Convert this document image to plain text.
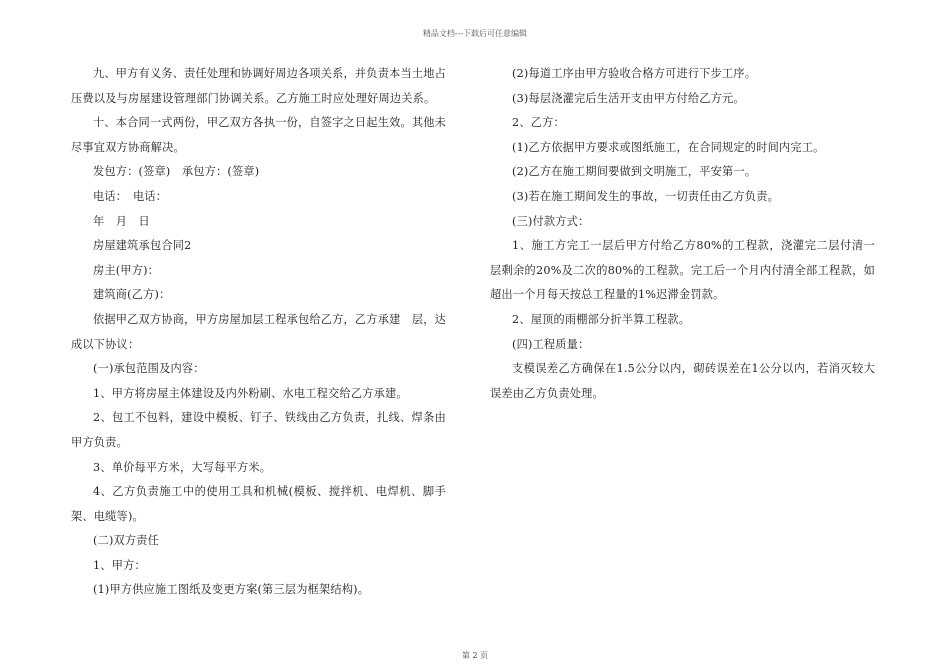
精品文档---下载后可任意编辑

九、甲方有义务、责任处理和协调好周边各项关系，并负责本当土地占压费以及与房屋建设管理部门协调关系。乙方施工时应处理好周边关系。

十、本合同一式两份，甲乙双方各执一份，自签字之日起生效。其他未尽事宜双方协商解决。

发包方：(签章)　承包方：(签章)

电话：　电话：

年　月　日

房屋建筑承包合同2

房主(甲方)：

建筑商(乙方)：

依据甲乙双方协商，甲方房屋加层工程承包给乙方，乙方承建　层，达成以下协议：

(一)承包范围及内容：

1、甲方将房屋主体建设及内外粉刷、水电工程交给乙方承建。

2、包工不包料，建设中模板、钉子、铁线由乙方负责，扎线、焊条由甲方负责。

3、单价每平方米，大写每平方米。

4、乙方负责施工中的使用工具和机械(模板、搅拌机、电焊机、脚手架、电缆等)。

(二)双方责任

1、甲方：

(1)甲方供应施工图纸及变更方案(第三层为框架结构)。

(2)每道工序由甲方验收合格方可进行下步工序。

(3)每层浇灌完后生活开支由甲方付给乙方元。

2、乙方：

(1)乙方依据甲方要求或图纸施工，在合同规定的时间内完工。

(2)乙方在施工期间要做到文明施工，平安第一。

(3)若在施工期间发生的事故，一切责任由乙方负责。

(三)付款方式：

1、施工方完工一层后甲方付给乙方80%的工程款，浇灌完二层付清一层剩余的20%及二次的80%的工程款。完工后一个月内付清全部工程款，如超出一个月每天按总工程量的1%迟滞金罚款。

2、屋顶的雨棚部分折半算工程款。

(四)工程质量：

支模误差乙方确保在1.5公分以内，砌砖误差在1公分以内，若消灭较大误差由乙方负责处理。

第 2 页
